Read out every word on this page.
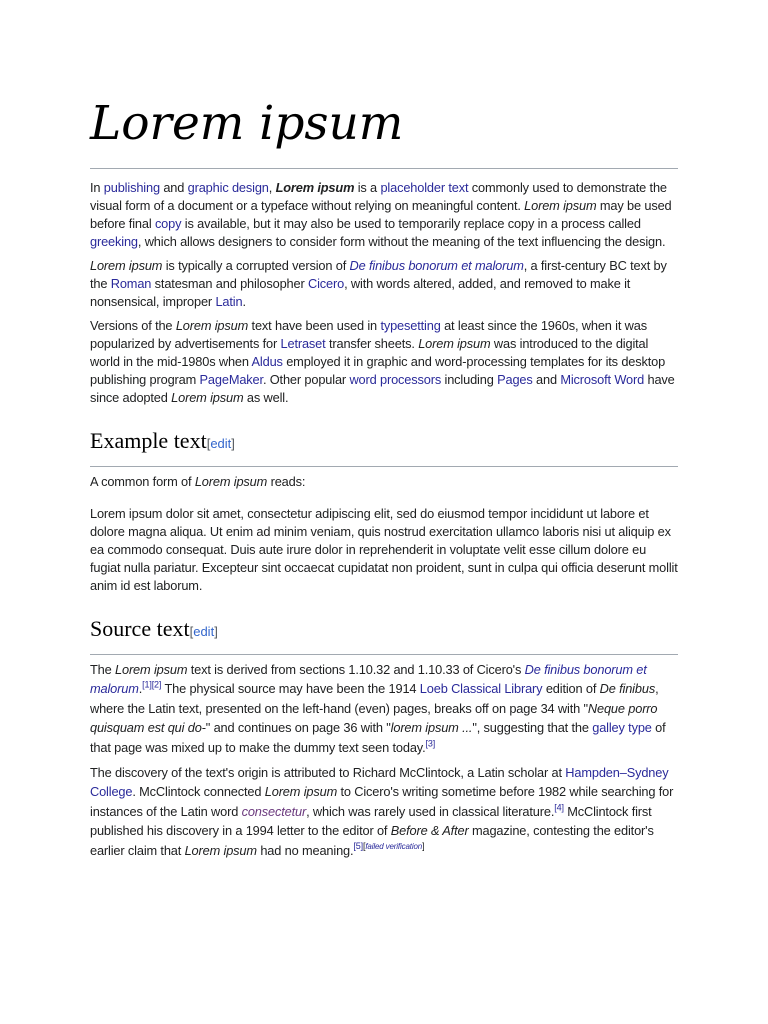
Lorem ipsum

In publishing and graphic design, Lorem ipsum is a placeholder text commonly used to demonstrate the visual form of a document or a typeface without relying on meaningful content. Lorem ipsum may be used before final copy is available, but it may also be used to temporarily replace copy in a process called greeking, which allows designers to consider form without the meaning of the text influencing the design.

Lorem ipsum is typically a corrupted version of De finibus bonorum et malorum, a first-century BC text by the Roman statesman and philosopher Cicero, with words altered, added, and removed to make it nonsensical, improper Latin.

Versions of the Lorem ipsum text have been used in typesetting at least since the 1960s, when it was popularized by advertisements for Letraset transfer sheets. Lorem ipsum was introduced to the digital world in the mid-1980s when Aldus employed it in graphic and word-processing templates for its desktop publishing program PageMaker. Other popular word processors including Pages and Microsoft Word have since adopted Lorem ipsum as well.

Example text[edit]

A common form of Lorem ipsum reads:

Lorem ipsum dolor sit amet, consectetur adipiscing elit, sed do eiusmod tempor incididunt ut labore et dolore magna aliqua. Ut enim ad minim veniam, quis nostrud exercitation ullamco laboris nisi ut aliquip ex ea commodo consequat. Duis aute irure dolor in reprehenderit in voluptate velit esse cillum dolore eu fugiat nulla pariatur. Excepteur sint occaecat cupidatat non proident, sunt in culpa qui officia deserunt mollit anim id est laborum.

Source text[edit]

The Lorem ipsum text is derived from sections 1.10.32 and 1.10.33 of Cicero's De finibus bonorum et malorum.[1][2] The physical source may have been the 1914 Loeb Classical Library edition of De finibus, where the Latin text, presented on the left-hand (even) pages, breaks off on page 34 with "Neque porro quisquam est qui do-" and continues on page 36 with "lorem ipsum ...", suggesting that the galley type of that page was mixed up to make the dummy text seen today.[3]

The discovery of the text's origin is attributed to Richard McClintock, a Latin scholar at Hampden–Sydney College. McClintock connected Lorem ipsum to Cicero's writing sometime before 1982 while searching for instances of the Latin word consectetur, which was rarely used in classical literature.[4] McClintock first published his discovery in a 1994 letter to the editor of Before & After magazine, contesting the editor's earlier claim that Lorem ipsum had no meaning.[5][failed verification]
